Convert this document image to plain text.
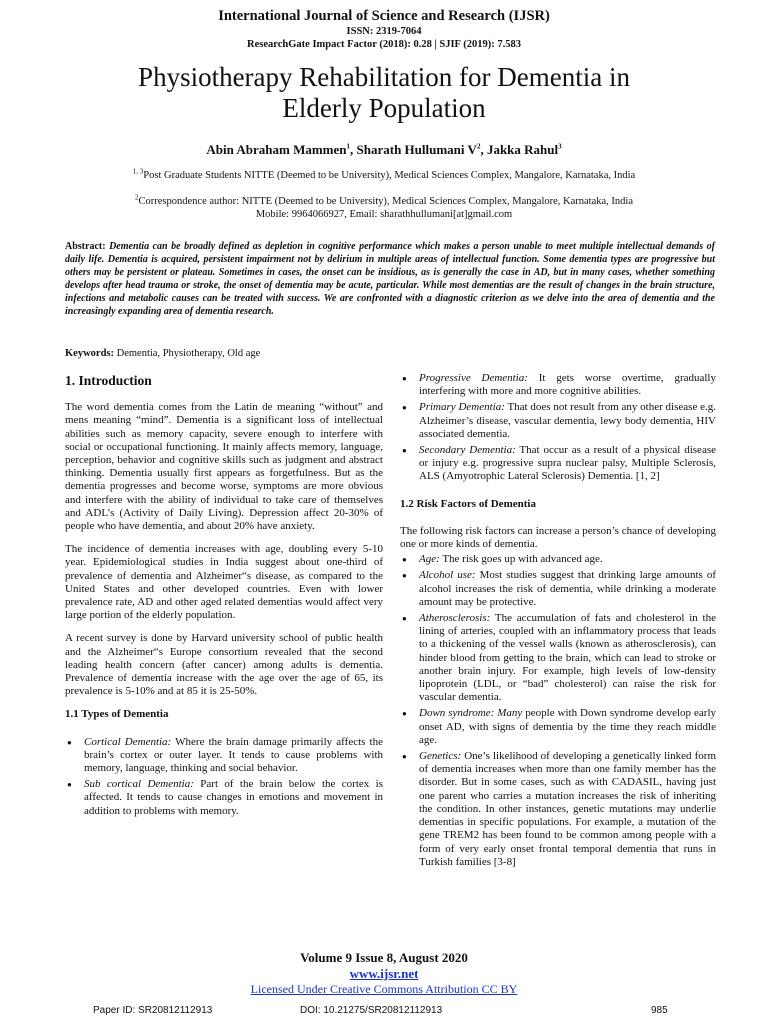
International Journal of Science and Research (IJSR)
ISSN: 2319-7064
ResearchGate Impact Factor (2018): 0.28 | SJIF (2019): 7.583
Physiotherapy Rehabilitation for Dementia in
Elderly Population
Abin Abraham Mammen$^1$, Sharath Hullumani $V^2$, Jakka Rahul$^3$
$^{1, 3}$Post Graduate Students NITTE (Deemed to be University), Medical Sciences Complex, Mangalore, Karnataka, India
$^2$Correspondence author: NITTE (Deemed to be University), Medical Sciences Complex, Mangalore, Karnataka, India
Mobile: 9964066927, Email: sharathhullumani[at]gmail.com
Abstract: Dementia can be broadly defined as depletion in cognitive performance which makes a person unable to meet multiple intellectual demands of daily life. Dementia is acquired, persistent impairment not by delirium in multiple areas of intellectual function. Some dementia types are progressive but others may be persistent or plateau. Sometimes in cases, the onset can be insidious, as is generally the case in AD, but in many cases, whether something develops after head trauma or stroke, the onset of dementia may be acute, particular. While most dementias are the result of changes in the brain structure, infections and metabolic causes can be treated with success. We are confronted with a diagnostic criterion as we delve into the area of dementia and the increasingly expanding area of dementia research.
Keywords: Dementia, Physiotherapy, Old age
1. Introduction

The word dementia comes from the Latin de meaning “without” and mens meaning “mind”. Dementia is a significant loss of intellectual abilities such as memory capacity, severe enough to interfere with social or occupational functioning. It mainly affects memory, language, perception, behavior and cognitive skills such as judgment and abstract thinking. Dementia usually first appears as forgetfulness. But as the dementia progresses and become worse, symptoms are more obvious and interfere with the ability of individual to take care of themselves and ADL’s (Activity of Daily Living). Depression affect 20-30% of people who have dementia, and about 20% have anxiety.

The incidence of dementia increases with age, doubling every 5-10 year. Epidemiological studies in India suggest about one-third of prevalence of dementia and Alzheimer“s disease, as compared to the United States and other developed countries. Even with lower prevalence rate, AD and other aged related dementias would affect very large portion of the elderly population.

A recent survey is done by Harvard university school of public health and the Alzheimer“s Europe consortium revealed that the second leading health concern (after cancer) among adults is dementia. Prevalence of dementia increase with the age over the age of 65, its prevalence is 5-10% and at 85 it is 25-50%.

1.1 Types of Dementia
● Cortical Dementia: Where the brain damage primarily affects the brain’s cortex or outer layer. It tends to cause problems with memory, language, thinking and social behavior.
● Sub cortical Dementia: Part of the brain below the cortex is affected. It tends to cause changes in emotions and movement in addition to problems with memory.
● Progressive Dementia: It gets worse overtime, gradually interfering with more and more cognitive abilities.
● Primary Dementia: That does not result from any other disease e.g. Alzheimer’s disease, vascular dementia, lewy body dementia, HIV associated dementia.
● Secondary Dementia: That occur as a result of a physical disease or injury e.g. progressive supra nuclear palsy, Multiple Sclerosis, ALS (Amyotrophic Lateral Sclerosis) Dementia. [1, 2]
1.2 Risk Factors of Dementia

The following risk factors can increase a person’s chance of developing one or more kinds of dementia.

● Age: The risk goes up with advanced age.
● Alcohol use: Most studies suggest that drinking large amounts of alcohol increases the risk of dementia, while drinking a moderate amount may be protective.
● Atherosclerosis: The accumulation of fats and cholesterol in the lining of arteries, coupled with an inflammatory process that leads to a thickening of the vessel walls (known as atherosclerosis), can hinder blood from getting to the brain, which can lead to stroke or another brain injury. For example, high levels of low-density lipoprotein (LDL, or “bad” cholesterol) can raise the risk for vascular dementia.
● Down syndrome: Many people with Down syndrome develop early onset AD, with signs of dementia by the time they reach middle age.
● Genetics: One’s likelihood of developing a genetically linked form of dementia increases when more than one family member has the disorder. But in some cases, such as with CADASIL, having just one parent who carries a mutation increases the risk of inheriting the condition. In other instances, genetic mutations may underlie dementias in specific populations. For example, a mutation of the gene TREM2 has been found to be common among people with a form of very early onset frontal temporal dementia that runs in Turkish families [3-8]
Volume 9 Issue 8, August 2020
www.ijsr.net
Licensed Under Creative Commons Attribution CC BY
Paper ID: SR20812112913	DOI: 10.21275/SR20812112913	985
